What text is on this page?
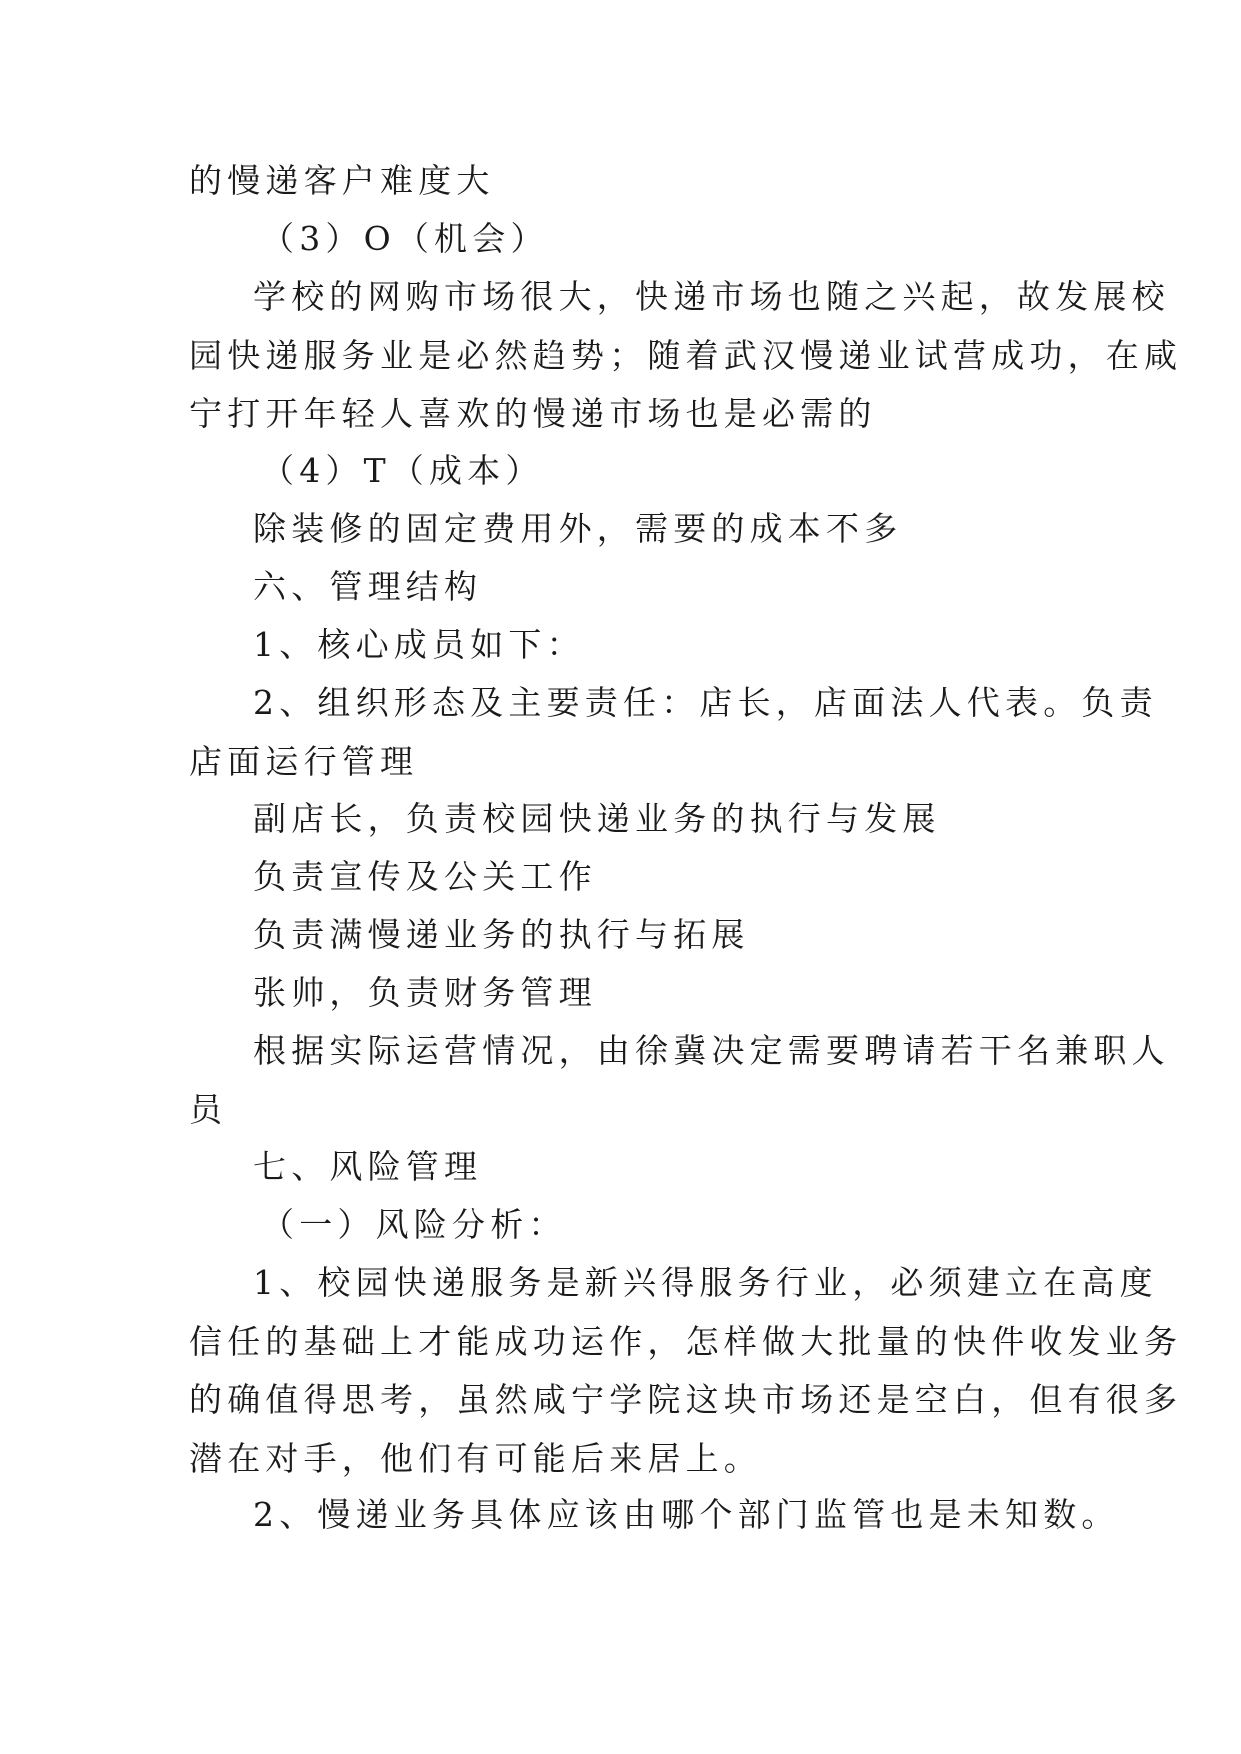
的慢递客户难度大

（3）O（机会）

学校的网购市场很大，快递市场也随之兴起，故发展校
园快递服务业是必然趋势；随着武汉慢递业试营成功，在咸
宁打开年轻人喜欢的慢递市场也是必需的

（4）T（成本）

除装修的固定费用外，需要的成本不多

六、管理结构

1、核心成员如下：

2、组织形态及主要责任：店长，店面法人代表。负责
店面运行管理

副店长，负责校园快递业务的执行与发展

负责宣传及公关工作

负责满慢递业务的执行与拓展

张帅，负责财务管理

根据实际运营情况，由徐冀决定需要聘请若干名兼职人
员

七、风险管理

（一）风险分析：

1、校园快递服务是新兴得服务行业，必须建立在高度
信任的基础上才能成功运作，怎样做大批量的快件收发业务
的确值得思考，虽然咸宁学院这块市场还是空白，但有很多
潜在对手，他们有可能后来居上。

2、慢递业务具体应该由哪个部门监管也是未知数。
